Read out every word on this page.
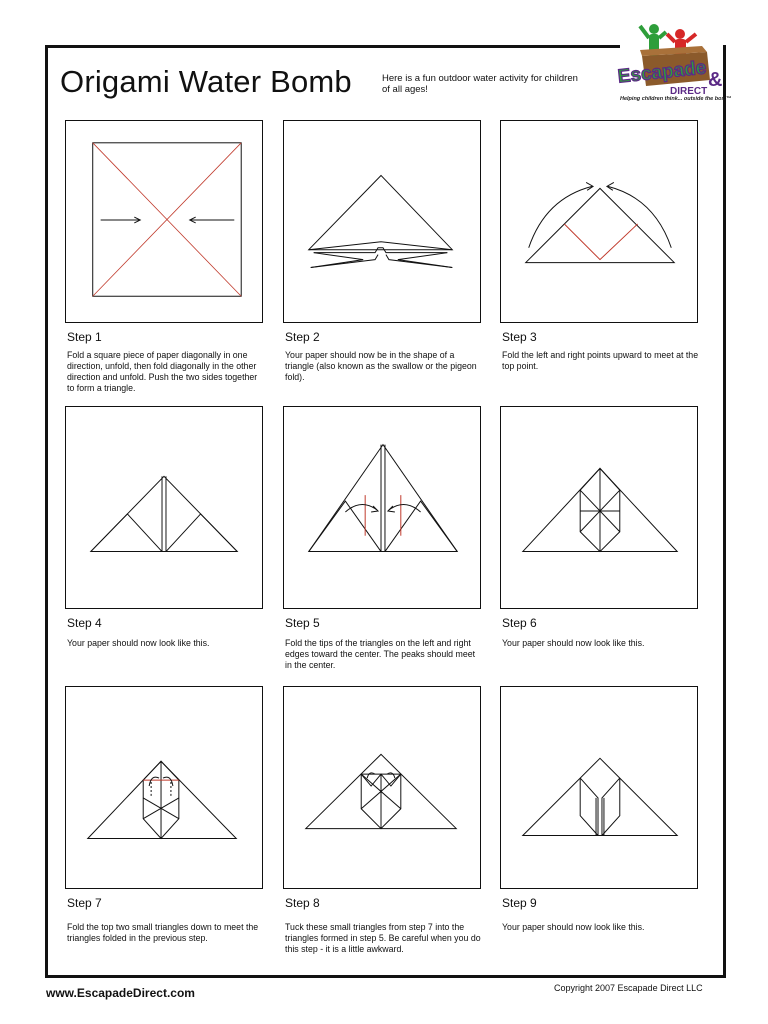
Origami Water Bomb	Here is a fun outdoor water activity for children of all ages!
Escapade
DIRECT
&
Helping children think... outside the box.™
Step 1
Fold a square piece of paper diagonally in one direction, unfold, then fold diagonally in the other direction and unfold. Push the two sides together to form a triangle.
Step 2
Your paper should now be in the shape of a triangle (also known as the swallow or the pigeon fold).
Step 3
Fold the left and right points upward to meet at the top point.
Step 4
Your paper should now look like this.
Step 5
Fold the tips of the triangles on the left and right edges toward the center. The peaks should meet in the center.
Step 6
Your paper should now look like this.
Step 7
Fold the top two small triangles down to meet the triangles folded in the previous step.
Step 8
Tuck these small triangles from step 7 into the triangles formed in step 5. Be careful when you do this step - it is a little awkward.
Step 9
Your paper should now look like this.
www.EscapadeDirect.com	Copyright 2007 Escapade Direct LLC
